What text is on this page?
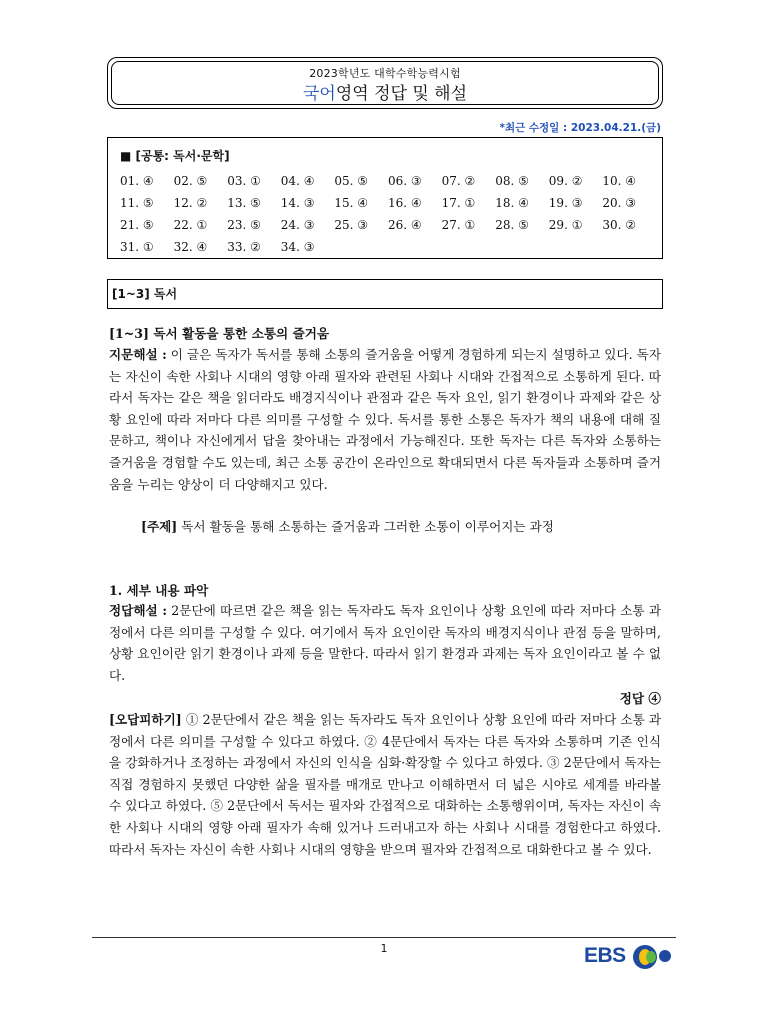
2023학년도 대학수학능력시험
국어영역 정답 및 해설
*최근 수정일 : 2023.04.21.(금)
■ [공통: 독서·문학]
01. ④ 02. ⑤ 03. ① 04. ④ 05. ⑤ 06. ③ 07. ② 08. ⑤ 09. ② 10. ④
11. ⑤ 12. ② 13. ⑤ 14. ③ 15. ④ 16. ④ 17. ① 18. ④ 19. ③ 20. ③
21. ⑤ 22. ① 23. ⑤ 24. ③ 25. ③ 26. ④ 27. ① 28. ⑤ 29. ① 30. ②
31. ① 32. ④ 33. ② 34. ③
[1~3] 독서
[1~3] 독서 활동을 통한 소통의 즐거움
지문해설 : 이 글은 독자가 독서를 통해 소통의 즐거움을 어떻게 경험하게 되는지 설명하고 있다. 독자는 자신이 속한 사회나 시대의 영향 아래 필자와 관련된 사회나 시대와 간접적으로 소통하게 된다. 따라서 독자는 같은 책을 읽더라도 배경지식이나 관점과 같은 독자 요인, 읽기 환경이나 과제와 같은 상황 요인에 따라 저마다 다른 의미를 구성할 수 있다. 독서를 통한 소통은 독자가 책의 내용에 대해 질문하고, 책이나 자신에게서 답을 찾아내는 과정에서 가능해진다. 또한 독자는 다른 독자와 소통하는 즐거움을 경험할 수도 있는데, 최근 소통 공간이 온라인으로 확대되면서 다른 독자들과 소통하며 즐거움을 누리는 양상이 더 다양해지고 있다.
[주제] 독서 활동을 통해 소통하는 즐거움과 그러한 소통이 이루어지는 과정
1. 세부 내용 파악
정답해설 : 2문단에 따르면 같은 책을 읽는 독자라도 독자 요인이나 상황 요인에 따라 저마다 소통 과정에서 다른 의미를 구성할 수 있다. 여기에서 독자 요인이란 독자의 배경지식이나 관점 등을 말하며, 상황 요인이란 읽기 환경이나 과제 등을 말한다. 따라서 읽기 환경과 과제는 독자 요인이라고 볼 수 없다.
정답 ④
[오답피하기] ① 2문단에서 같은 책을 읽는 독자라도 독자 요인이나 상황 요인에 따라 저마다 소통 과정에서 다른 의미를 구성할 수 있다고 하였다. ② 4문단에서 독자는 다른 독자와 소통하며 기존 인식을 강화하거나 조정하는 과정에서 자신의 인식을 심화·확장할 수 있다고 하였다. ③ 2문단에서 독자는 직접 경험하지 못했던 다양한 삶을 필자를 매개로 만나고 이해하면서 더 넓은 시야로 세계를 바라볼 수 있다고 하였다. ⑤ 2문단에서 독서는 필자와 간접적으로 대화하는 소통행위이며, 독자는 자신이 속한 사회나 시대의 영향 아래 필자가 속해 있거나 드러내고자 하는 사회나 시대를 경험한다고 하였다. 따라서 독자는 자신이 속한 사회나 시대의 영향을 받으며 필자와 간접적으로 대화한다고 볼 수 있다.
1	EBS
